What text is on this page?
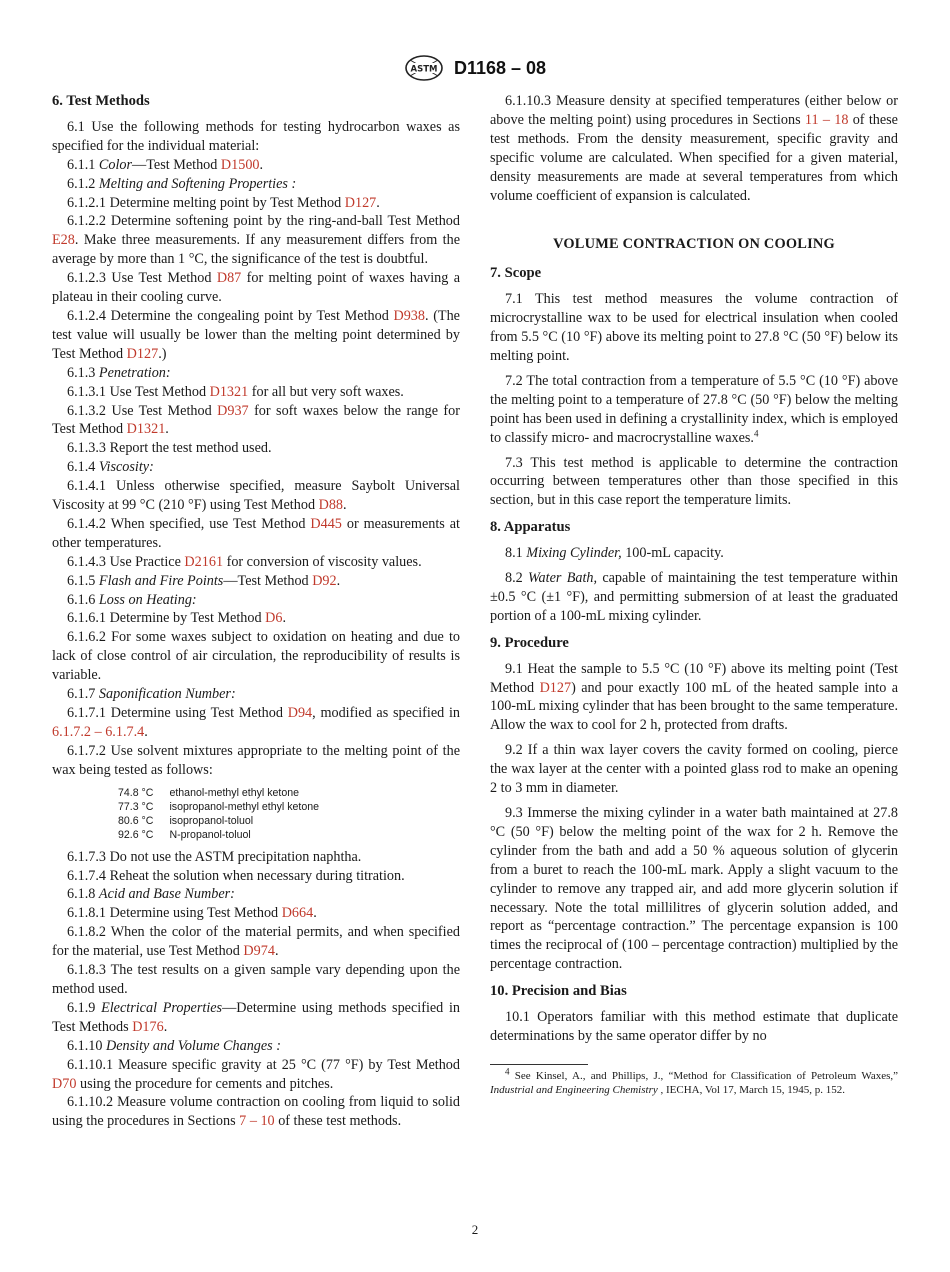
ASTM D1168 – 08

6. Test Methods

6.1 Use the following methods for testing hydrocarbon waxes as specified for the individual material:

6.1.1 Color—Test Method D1500.

6.1.2 Melting and Softening Properties :

6.1.2.1 Determine melting point by Test Method D127.

6.1.2.2 Determine softening point by the ring-and-ball Test Method E28. Make three measurements. If any measurement differs from the average by more than 1 °C, the significance of the test is doubtful.

6.1.2.3 Use Test Method D87 for melting point of waxes having a plateau in their cooling curve.

6.1.2.4 Determine the congealing point by Test Method D938. (The test value will usually be lower than the melting point determined by Test Method D127.)

6.1.3 Penetration:

6.1.3.1 Use Test Method D1321 for all but very soft waxes.

6.1.3.2 Use Test Method D937 for soft waxes below the range for Test Method D1321.

6.1.3.3 Report the test method used.

6.1.4 Viscosity:

6.1.4.1 Unless otherwise specified, measure Saybolt Universal Viscosity at 99 °C (210 °F) using Test Method D88.

6.1.4.2 When specified, use Test Method D445 or measurements at other temperatures.

6.1.4.3 Use Practice D2161 for conversion of viscosity values.

6.1.5 Flash and Fire Points—Test Method D92.

6.1.6 Loss on Heating:

6.1.6.1 Determine by Test Method D6.

6.1.6.2 For some waxes subject to oxidation on heating and due to lack of close control of air circulation, the reproducibility of results is variable.

6.1.7 Saponification Number:

6.1.7.1 Determine using Test Method D94, modified as specified in 6.1.7.2 – 6.1.7.4.

6.1.7.2 Use solvent mixtures appropriate to the melting point of the wax being tested as follows:

74.8 °C	ethanol-methyl ethyl ketone
77.3 °C	isopropanol-methyl ethyl ketone
80.6 °C	isopropanol-toluol
92.6 °C	N-propanol-toluol

6.1.7.3 Do not use the ASTM precipitation naphtha.

6.1.7.4 Reheat the solution when necessary during titration.

6.1.8 Acid and Base Number:

6.1.8.1 Determine using Test Method D664.

6.1.8.2 When the color of the material permits, and when specified for the material, use Test Method D974.

6.1.8.3 The test results on a given sample vary depending upon the method used.

6.1.9 Electrical Properties—Determine using methods specified in Test Methods D176.

6.1.10 Density and Volume Changes :

6.1.10.1 Measure specific gravity at 25 °C (77 °F) by Test Method D70 using the procedure for cements and pitches.

6.1.10.2 Measure volume contraction on cooling from liquid to solid using the procedures in Sections 7 – 10 of these test methods.

6.1.10.3 Measure density at specified temperatures (either below or above the melting point) using procedures in Sections 11 – 18 of these test methods. From the density measurement, specific gravity and specific volume are calculated. When specified for a given material, density measurements are made at several temperatures from which volume coefficient of expansion is calculated.

VOLUME CONTRACTION ON COOLING

7. Scope

7.1 This test method measures the volume contraction of microcrystalline wax to be used for electrical insulation when cooled from 5.5 °C (10 °F) above its melting point to 27.8 °C (50 °F) below its melting point.

7.2 The total contraction from a temperature of 5.5 °C (10 °F) above the melting point to a temperature of 27.8 °C (50 °F) below the melting point has been used in defining a crystallinity index, which is employed to classify micro- and macrocrystalline waxes.$^4$

7.3 This test method is applicable to determine the contraction occurring between temperatures other than those specified in this section, but in this case report the temperature limits.

8. Apparatus

8.1 Mixing Cylinder, 100-mL capacity.

8.2 Water Bath, capable of maintaining the test temperature within ±0.5 °C (±1 °F), and permitting submersion of at least the graduated portion of a 100-mL mixing cylinder.

9. Procedure

9.1 Heat the sample to 5.5 °C (10 °F) above its melting point (Test Method D127) and pour exactly 100 mL of the heated sample into a 100-mL mixing cylinder that has been brought to the same temperature. Allow the wax to cool for 2 h, protected from drafts.

9.2 If a thin wax layer covers the cavity formed on cooling, pierce the wax layer at the center with a pointed glass rod to make an opening 2 to 3 mm in diameter.

9.3 Immerse the mixing cylinder in a water bath maintained at 27.8 °C (50 °F) below the melting point of the wax for 2 h. Remove the cylinder from the bath and add a 50 % aqueous solution of glycerin from a buret to reach the 100-mL mark. Apply a slight vacuum to the cylinder to remove any trapped air, and add more glycerin solution if necessary. Note the total millilitres of glycerin solution added, and report as “percentage contraction.” The percentage expansion is 100 times the reciprocal of (100 – percentage contraction) multiplied by the percentage contraction.

10. Precision and Bias

10.1 Operators familiar with this method estimate that duplicate determinations by the same operator differ by no

$^4$ See Kinsel, A., and Phillips, J., “Method for Classification of Petroleum Waxes,” Industrial and Engineering Chemistry , IECHA, Vol 17, March 15, 1945, p. 152.

2
